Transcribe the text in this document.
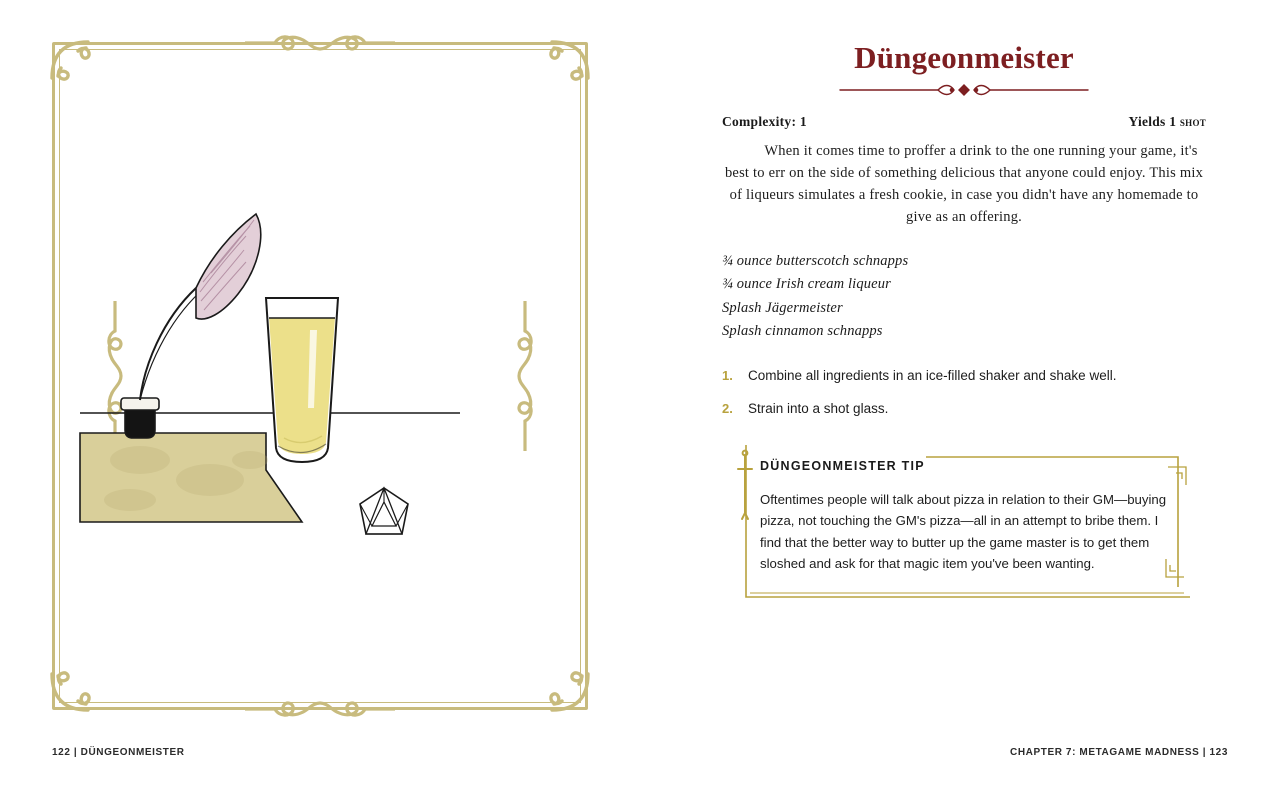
122 | DÜNGEONMEISTER
Düngeonmeister
Complexity: 1	Yields 1 shot

When it comes time to proffer a drink to the one running your game, it's best to err on the side of something delicious that anyone could enjoy. This mix of liqueurs simulates a fresh cookie, in case you didn't have any homemade to give as an offering.

¾ ounce butterscotch schnapps
¾ ounce Irish cream liqueur
Splash Jägermeister
Splash cinnamon schnapps
1.	Combine all ingredients in an ice-filled shaker and shake well.
2.	Strain into a shot glass.
DÜNGEONMEISTER TIP
Oftentimes people will talk about pizza in relation to their GM—buying pizza, not touching the GM's pizza—all in an attempt to bribe them. I find that the better way to butter up the game master is to get them sloshed and ask for that magic item you've been wanting.
CHAPTER 7: METAGAME MADNESS | 123
